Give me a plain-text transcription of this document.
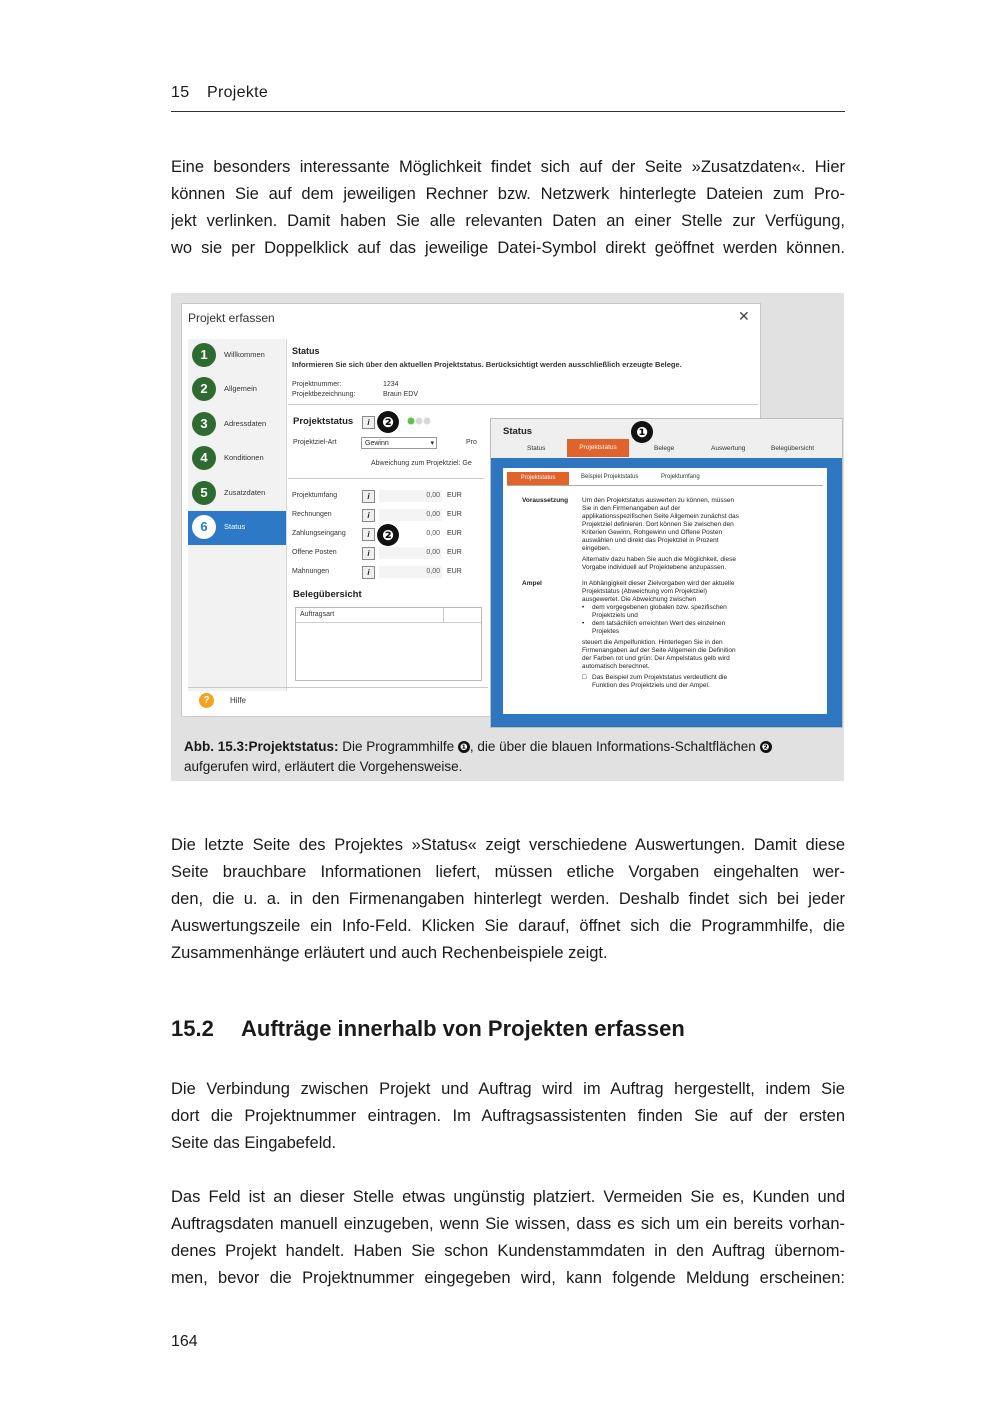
15 Projekte

Eine besonders interessante Möglichkeit findet sich auf der Seite »Zusatzdaten«. Hier
können Sie auf dem jeweiligen Rechner bzw. Netzwerk hinterlegte Dateien zum Pro-
jekt verlinken. Damit haben Sie alle relevanten Daten an einer Stelle zur Verfügung,
wo sie per Doppelklick auf das jeweilige Datei-Symbol direkt geöffnet werden können.

Projekt erfassen	✕
1	Willkommen
2	Allgemein
3	Adressdaten
4	Konditionen
5	Zusatzdaten
6	Status
Status
Informieren Sie sich über den aktuellen Projektstatus. Berücksichtigt werden ausschließlich erzeugte Belege.
Projektnummer:	1234
Projektbezeichnung:	Braun EDV
Projektstatus	i ❷
Projektziel-Art	Gewinn	▾	Pro
Abweichung zum Projektziel: Ge
Projektumfang	i	0,00 EUR
Rechnungen	i	0,00 EUR
Zahlungseingang	i ❷	0,00 EUR
Offene Posten	i	0,00 EUR
Mahnungen	i	0,00 EUR
Belegübersicht
Auftragsart
?	Hilfe
Status
Status	Projektstatus	Belege	Auswertung	Belegübersicht
❶
Projektstatus	Beispiel Projektstatus	Projektumfang
Voraussetzung Um den Projektstatus auswerten zu können, müssen
Sie in den Firmenangaben auf der
applikationsspezifischen Seite Allgemein zunächst das
Projektziel definieren. Dort können Sie zwischen den
Kriterien Gewinn, Rohgewinn und Offene Posten
auswählen und direkt das Projektziel in Prozent
eingeben.
Alternativ dazu haben Sie auch die Möglichkeit, diese
Vorgabe individuell auf Projektebene anzupassen.
Ampel	In Abhängigkeit dieser Zielvorgaben wird der aktuelle
Projektstatus (Abweichung vom Projektziel)
ausgewertet. Die Abweichung zwischen
dem vorgegebenen globalen bzw. spezifischen
Projektziels und
dem tatsächlich erreichten Wert des einzelnen
Projektes
steuert die Ampelfunktion. Hinterlegen Sie in den
Firmenangaben auf der Seite Allgemein die Definition
der Farben rot und grün: Der Ampelstatus gelb wird
automatisch berechnet.
Das Beispiel zum Projektstatus verdeutlicht die
Funktion des Projektziels und der Ampel.
•
•
□
Abb. 15.3:Projektstatus: Die Programmhilfe ❶ , die über die blauen Informations-Schaltflächen ❷
aufgerufen wird, erläutert die Vorgehensweise.

Die letzte Seite des Projektes »Status« zeigt verschiedene Auswertungen. Damit diese
Seite brauchbare Informationen liefert, müssen etliche Vorgaben eingehalten wer-
den, die u. a. in den Firmenangaben hinterlegt werden. Deshalb findet sich bei jeder
Auswertungszeile ein Info-Feld. Klicken Sie darauf, öffnet sich die Programmhilfe, die
Zusammenhänge erläutert und auch Rechenbeispiele zeigt.

15.2 Aufträge innerhalb von Projekten erfassen

Die Verbindung zwischen Projekt und Auftrag wird im Auftrag hergestellt, indem Sie
dort die Projektnummer eintragen. Im Auftragsassistenten finden Sie auf der ersten
Seite das Eingabefeld.

Das Feld ist an dieser Stelle etwas ungünstig platziert. Vermeiden Sie es, Kunden und
Auftragsdaten manuell einzugeben, wenn Sie wissen, dass es sich um ein bereits vorhan-
denes Projekt handelt. Haben Sie schon Kundenstammdaten in den Auftrag übernom-
men, bevor die Projektnummer eingegeben wird, kann folgende Meldung erscheinen:

164
